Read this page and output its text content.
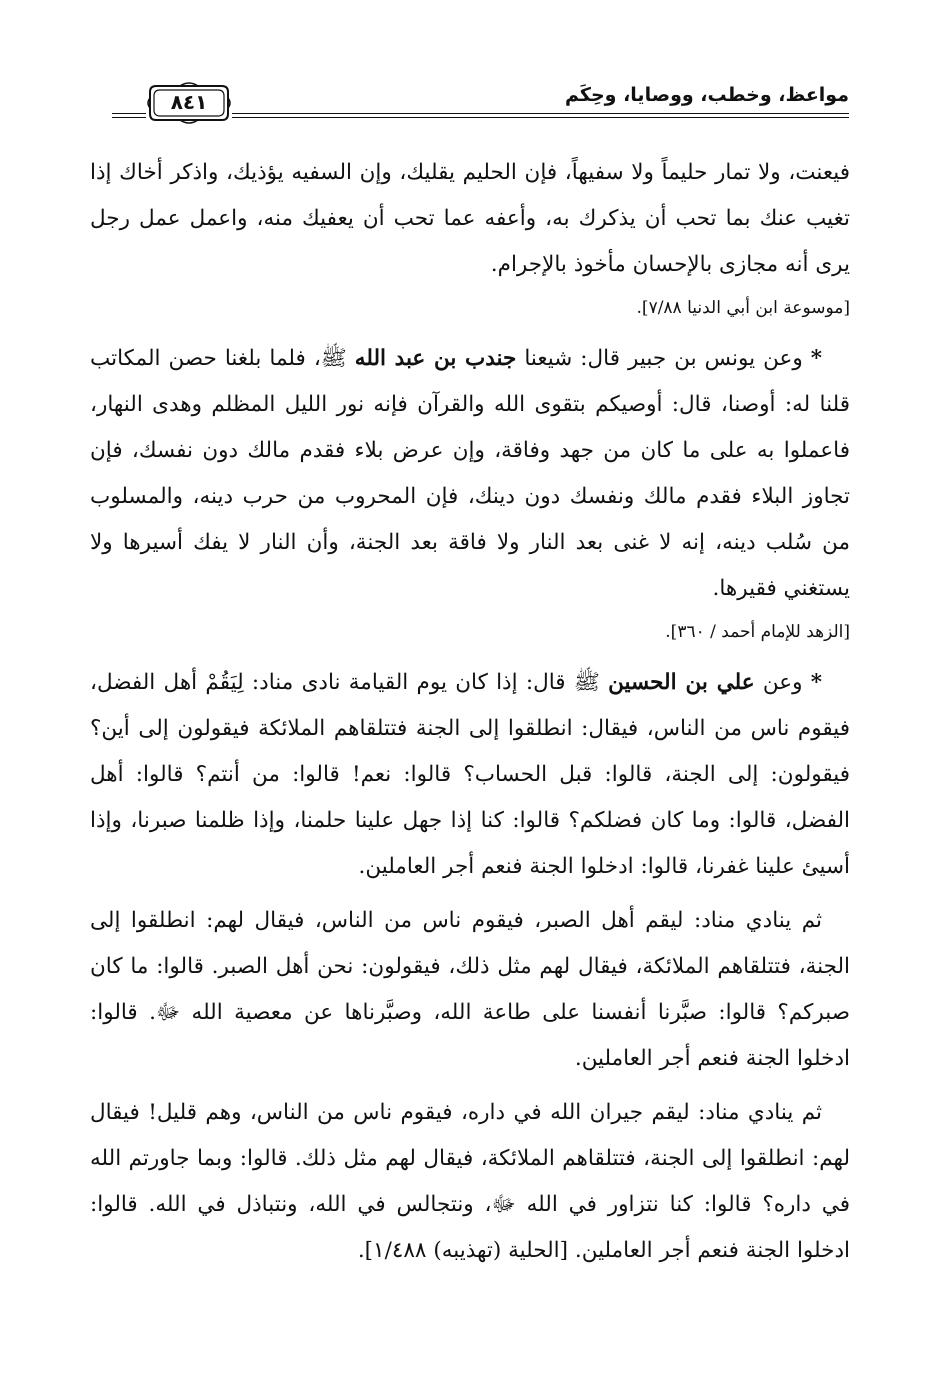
مواعظ، وخطب، ووصايا، وحِكَم
٨٤١

فيعنت، ولا تمار حليماً ولا سفيهاً، فإن الحليم يقليك، وإن السفيه يؤذيك، واذكر أخاك إذا تغيب عنك بما تحب أن يذكرك به، وأعفه عما تحب أن يعفيك منه، واعمل عمل رجل يرى أنه مجازى بالإحسان مأخوذ بالإجرام.

[موسوعة ابن أبي الدنيا ٧/٨٨].

* وعن يونس بن جبير قال: شيعنا جندب بن عبد الله ﷺ، فلما بلغنا حصن المكاتب قلنا له: أوصنا، قال: أوصيكم بتقوى الله والقرآن فإنه نور الليل المظلم وهدى النهار، فاعملوا به على ما كان من جهد وفاقة، وإن عرض بلاء فقدم مالك دون نفسك، فإن تجاوز البلاء فقدم مالك ونفسك دون دينك، فإن المحروب من حرب دينه، والمسلوب من سُلب دينه، إنه لا غنى بعد النار ولا فاقة بعد الجنة، وأن النار لا يفك أسيرها ولا يستغني فقيرها.

[الزهد للإمام أحمد / ٣٦٠].

* وعن علي بن الحسين ﷺ قال: إذا كان يوم القيامة نادى مناد: لِيَقُمْ أهل الفضل، فيقوم ناس من الناس، فيقال: انطلقوا إلى الجنة فتتلقاهم الملائكة فيقولون إلى أين؟ فيقولون: إلى الجنة، قالوا: قبل الحساب؟ قالوا: نعم! قالوا: من أنتم؟ قالوا: أهل الفضل، قالوا: وما كان فضلكم؟ قالوا: كنا إذا جهل علينا حلمنا، وإذا ظلمنا صبرنا، وإذا أسيئ علينا غفرنا، قالوا: ادخلوا الجنة فنعم أجر العاملين.

ثم ينادي مناد: ليقم أهل الصبر، فيقوم ناس من الناس، فيقال لهم: انطلقوا إلى الجنة، فتتلقاهم الملائكة، فيقال لهم مثل ذلك، فيقولون: نحن أهل الصبر. قالوا: ما كان صبركم؟ قالوا: صبَّرنا أنفسنا على طاعة الله، وصبَّرناها عن معصية الله ﷻ. قالوا: ادخلوا الجنة فنعم أجر العاملين.

ثم ينادي مناد: ليقم جيران الله في داره، فيقوم ناس من الناس، وهم قليل! فيقال لهم: انطلقوا إلى الجنة، فتتلقاهم الملائكة، فيقال لهم مثل ذلك. قالوا: وبما جاورتم الله في داره؟ قالوا: كنا نتزاور في الله ﷻ، ونتجالس في الله، ونتباذل في الله. قالوا: ادخلوا الجنة فنعم أجر العاملين. [الحلية (تهذيبه) ١/٤٨٨].
